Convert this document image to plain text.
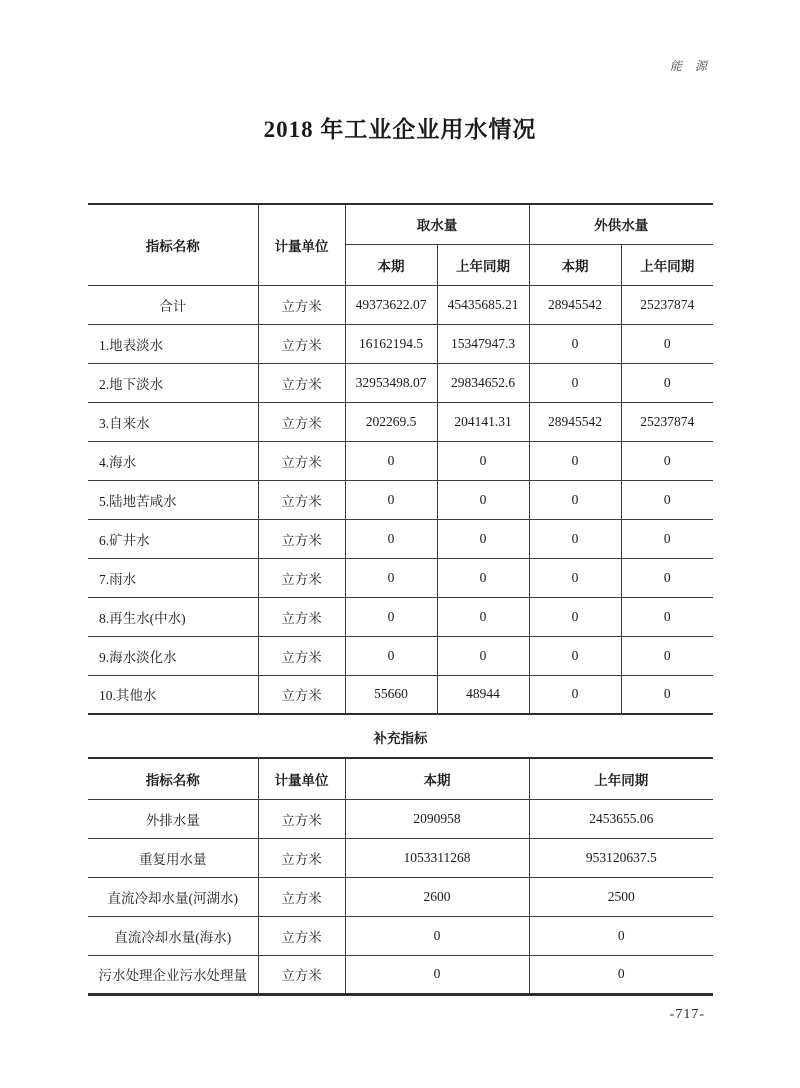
能 源
2018 年工业企业用水情况
指标名称	计量单位	取水量		外供水量	
		本期	上年同期	本期	上年同期
合计	立方米	49373622.07	45435685.21	28945542	25237874
1.地表淡水	立方米	16162194.5	15347947.3	0	0
2.地下淡水	立方米	32953498.07	29834652.6	0	0
3.自来水	立方米	202269.5	204141.31	28945542	25237874
4.海水	立方米	0	0	0	0
5.陆地苦咸水	立方米	0	0	0	0
6.矿井水	立方米	0	0	0	0
7.雨水	立方米	0	0	0	0
8.再生水(中水)	立方米	0	0	0	0
9.海水淡化水	立方米	0	0	0	0
10.其他水	立方米	55660	48944	0	0
补充指标
指标名称	计量单位	本期	上年同期
外排水量	立方米	2090958	2453655.06
重复用水量	立方米	1053311268	953120637.5
直流冷却水量(河湖水)	立方米	2600	2500
直流冷却水量(海水)	立方米	0	0
污水处理企业污水处理量	立方米	0	0
-717-
